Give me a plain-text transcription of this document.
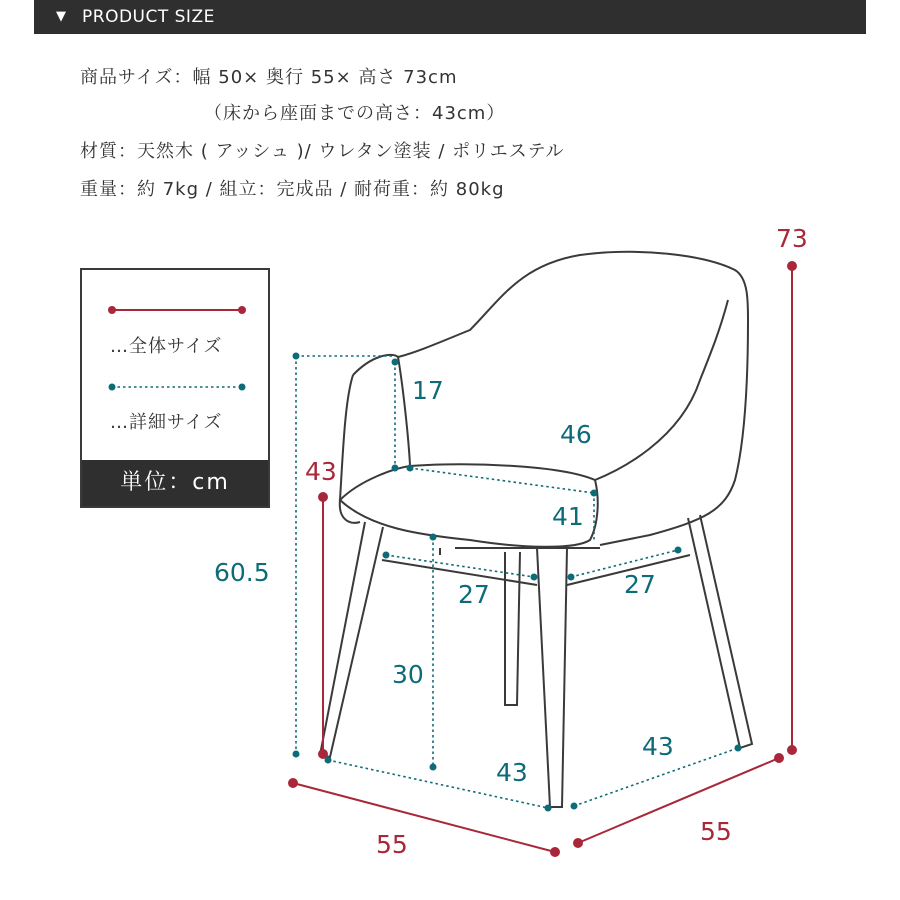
▼ PRODUCT SIZE
商品サイズ：幅 50× 奥行 55× 高さ 73cm
（床から座面までの高さ：43cm）
材質：天然木 ( アッシュ )/ ウレタン塗装 / ポリエステル
重量：約 7kg / 組立：完成品 / 耐荷重：約 80kg
…全体サイズ
…詳細サイズ
単位：cm
73
43
60.5
17
46
41
27	27
30
43
43
55	55
